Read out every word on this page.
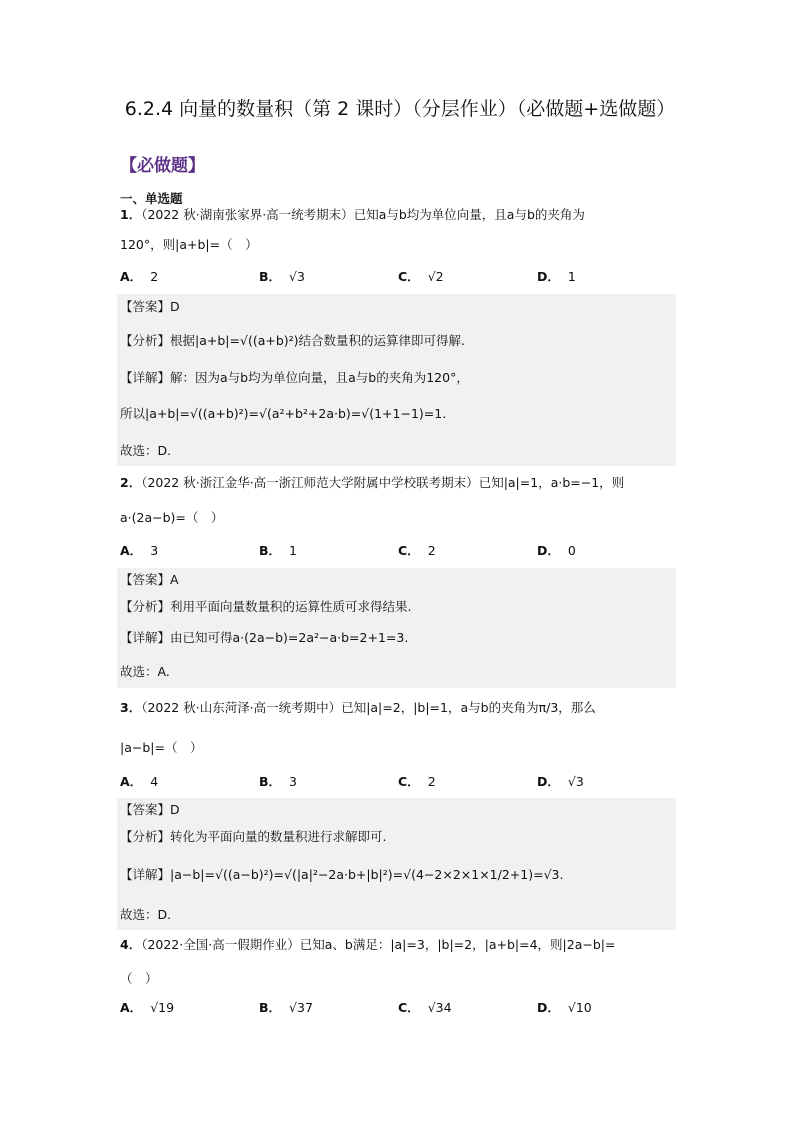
6.2.4 向量的数量积（第 2 课时）（分层作业）（必做题+选做题）
【必做题】
一、单选题
1．（2022 秋·湖南张家界·高一统考期末）已知a与b均为单位向量，且a与b的夹角为
120°，则|a+b|=（　）
A． 2	B． √3	C． √2	D． 1
【答案】D
【分析】根据|a+b|=√((a+b)²)结合数量积的运算律即可得解.
【详解】解：因为a与b均为单位向量，且a与b的夹角为120°，
所以|a+b|=√((a+b)²)=√(a²+b²+2a·b)=√(1+1−1)=1.
故选：D.
2．（2022 秋·浙江金华·高一浙江师范大学附属中学校联考期末）已知|a|=1，a·b=−1，则
a·(2a−b)=（　）
A． 3	B． 1	C． 2	D． 0
【答案】A
【分析】利用平面向量数量积的运算性质可求得结果.
【详解】由已知可得a·(2a−b)=2a²−a·b=2+1=3.
故选：A.
3．（2022 秋·山东菏泽·高一统考期中）已知|a|=2，|b|=1，a与b的夹角为π/3，那么
|a−b|=（　）
A． 4	B． 3	C． 2	D． √3
【答案】D
【分析】转化为平面向量的数量积进行求解即可.
【详解】|a−b|=√((a−b)²)=√(|a|²−2a·b+|b|²)=√(4−2×2×1×1/2+1)=√3.
故选：D.
4．（2022·全国·高一假期作业）已知a、b满足：|a|=3，|b|=2，|a+b|=4，则|2a−b|=
（　）
A． √19	B． √37	C． √34	D． √10
